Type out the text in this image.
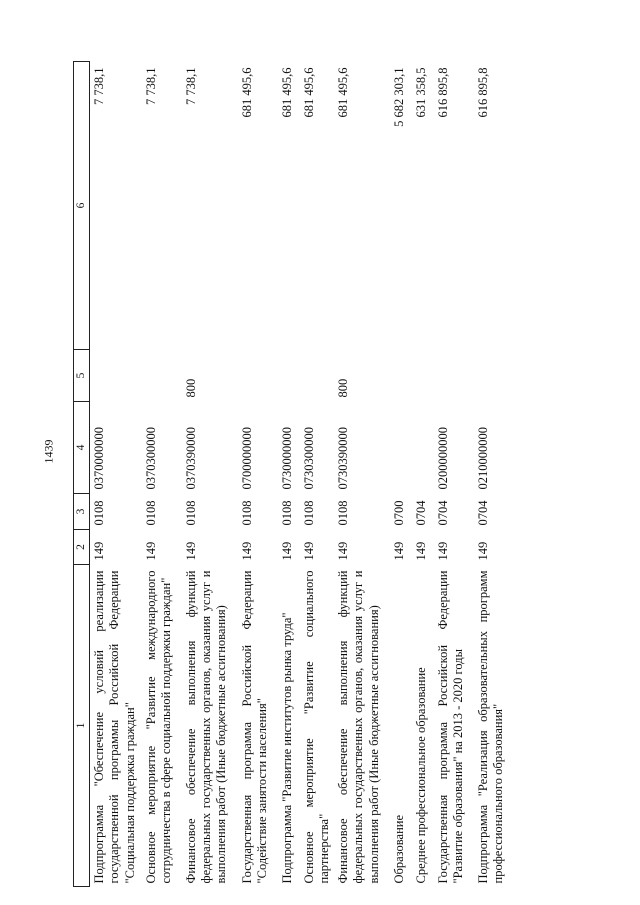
1439
1	2	3	4	5	6
Подпрограмма "Обеспечение условий реализации государственной программы Российской Федерации "Социальная поддержка граждан"	149	0108	0370000000		7 738,1
Основное мероприятие "Развитие международного сотрудничества в сфере социальной поддержки граждан"	149	0108	0370300000		7 738,1
Финансовое обеспечение выполнения функций федеральных государственных органов, оказания услуг и выполнения работ (Иные бюджетные ассигнования)	149	0108	0370390000	800	7 738,1
Государственная программа Российской Федерации "Содействие занятости населения"	149	0108	0700000000		681 495,6
Подпрограмма "Развитие институтов рынка труда"	149	0108	0730000000		681 495,6
Основное мероприятие "Развитие социального партнерства"	149	0108	0730300000		681 495,6
Финансовое обеспечение выполнения функций федеральных государственных органов, оказания услуг и выполнения работ (Иные бюджетные ассигнования)	149	0108	0730390000	800	681 495,6
Образование	149	0700			5 682 303,1
Среднее профессиональное образование	149	0704			631 358,5
Государственная программа Российской Федерации "Развитие образования" на 2013 - 2020 годы	149	0704	0200000000		616 895,8
Подпрограмма "Реализация образовательных программ профессионального образования"	149	0704	0210000000		616 895,8
